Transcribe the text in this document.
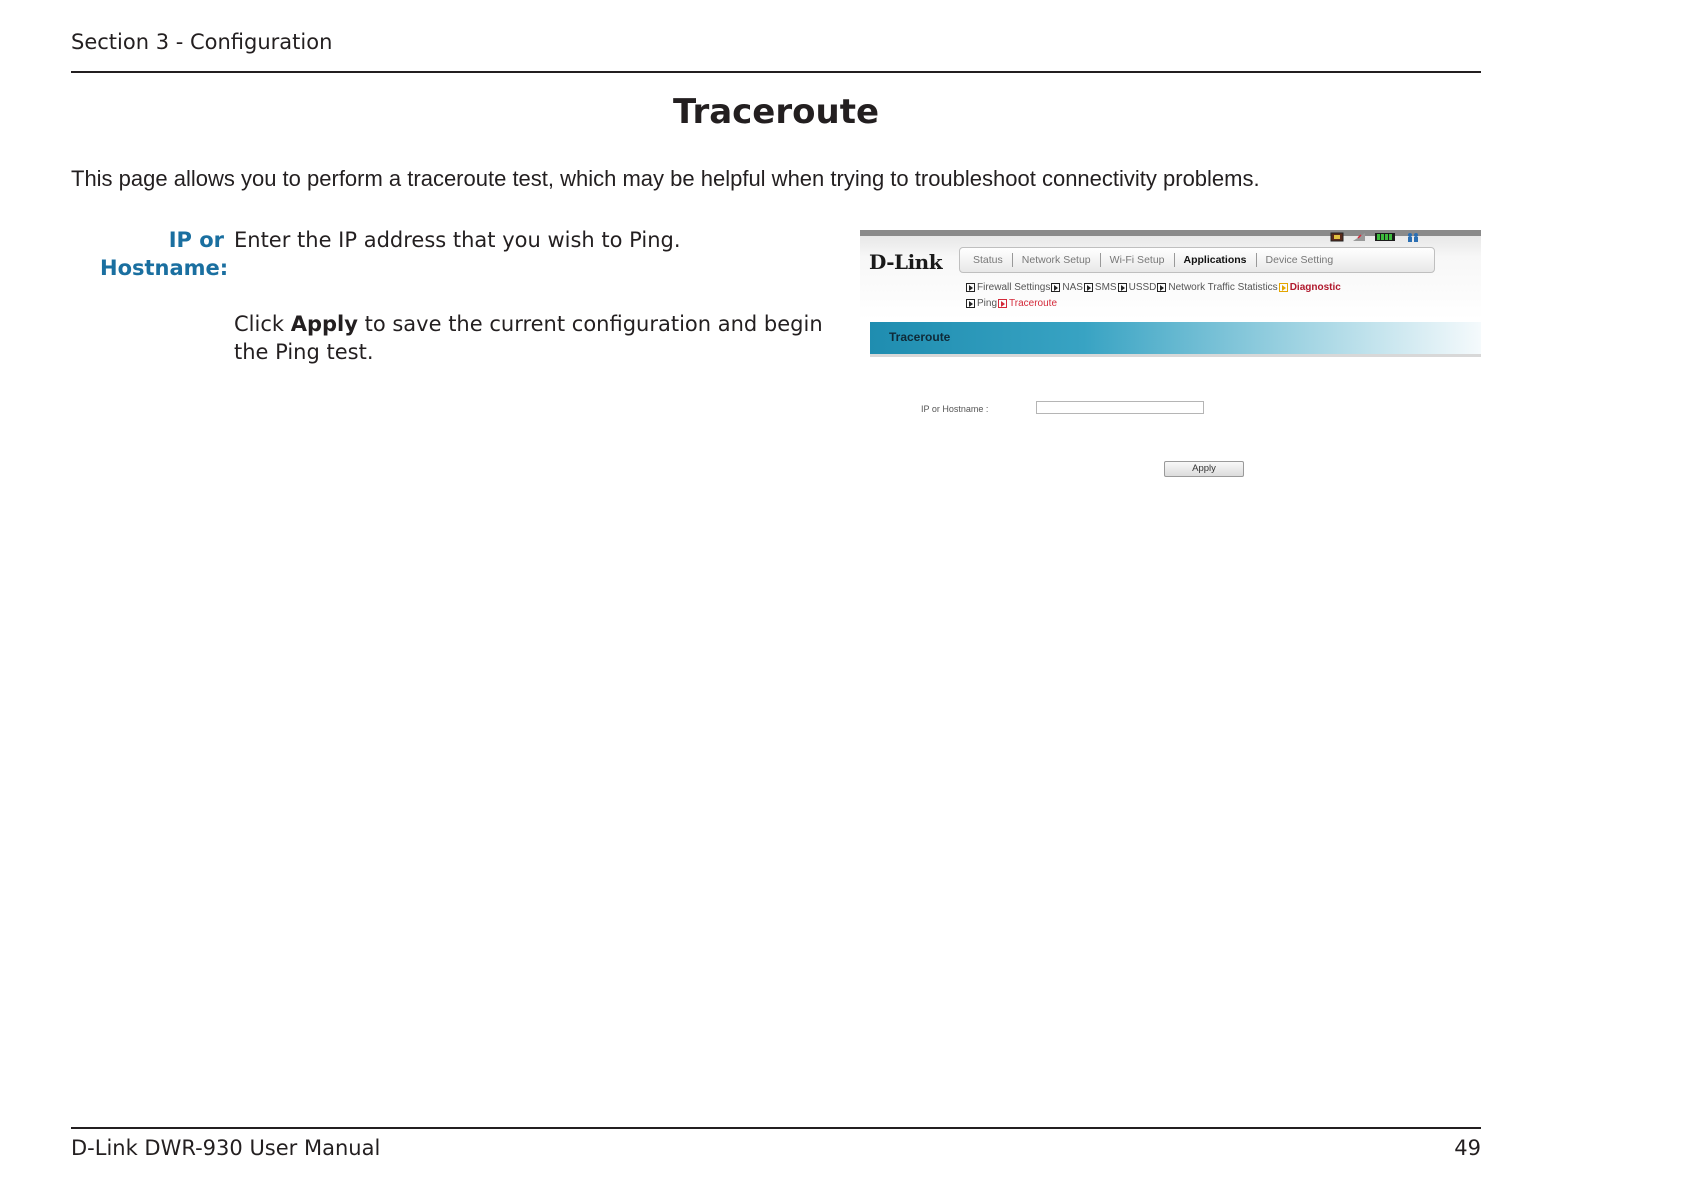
Section 3 - Configuration
Traceroute
This page allows you to perform a traceroute test, which may be helpful when trying to troubleshoot connectivity problems.
IP or
Hostname:
Enter the IP address that you wish to Ping.
Click Apply to save the current configuration and begin the Ping test.
D-Link	Status	Network Setup	Wi-Fi Setup	Applications	Device Setting
Firewall Settings NAS SMS USSD Network Traffic Statistics Diagnostic
Ping Traceroute
Traceroute
IP or Hostname :
Apply
D-Link DWR-930 User Manual	49
